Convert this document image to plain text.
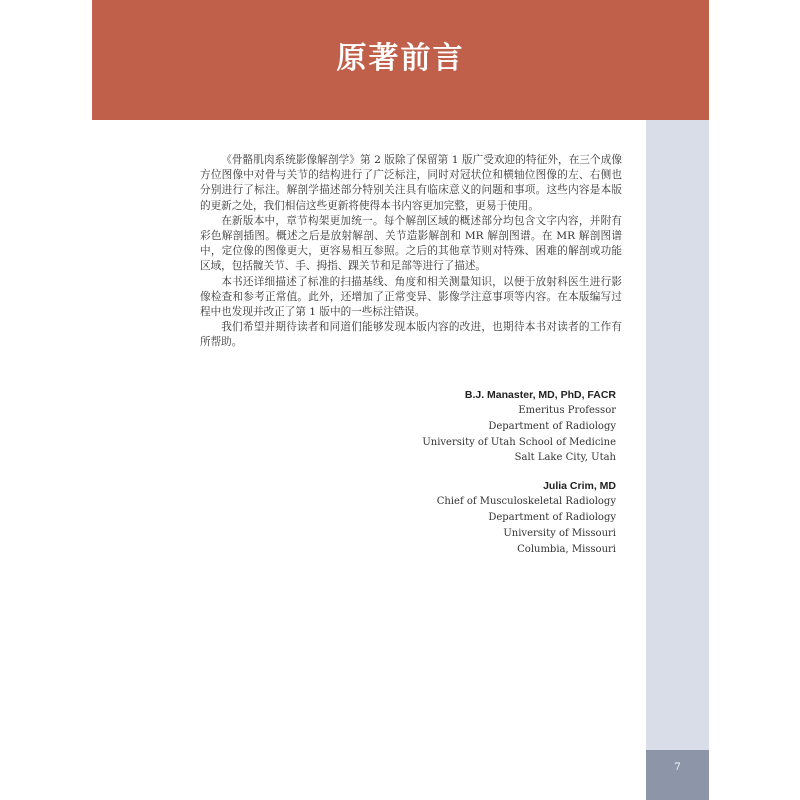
原著前言
7

《骨骼肌肉系统影像解剖学》第 2 版除了保留第 1 版广受欢迎的特征外，在三个成像方位图像中对骨与关节的结构进行了广泛标注，同时对冠状位和横轴位图像的左、右侧也分别进行了标注。解剖学描述部分特别关注具有临床意义的问题和事项。这些内容是本版的更新之处，我们相信这些更新将使得本书内容更加完整，更易于使用。

在新版本中，章节构架更加统一。每个解剖区域的概述部分均包含文字内容，并附有彩色解剖插图。概述之后是放射解剖、关节造影解剖和 MR 解剖图谱。在 MR 解剖图谱中，定位像的图像更大，更容易相互参照。之后的其他章节则对特殊、困难的解剖或功能区域，包括髋关节、手、拇指、踝关节和足部等进行了描述。

本书还详细描述了标准的扫描基线、角度和相关测量知识，以便于放射科医生进行影像检查和参考正常值。此外，还增加了正常变异、影像学注意事项等内容。在本版编写过程中也发现并改正了第 1 版中的一些标注错误。

我们希望并期待读者和同道们能够发现本版内容的改进，也期待本书对读者的工作有所帮助。

B.J. Manaster, MD, PhD, FACR
Emeritus Professor
Department of Radiology
University of Utah School of Medicine
Salt Lake City, Utah
Julia Crim, MD
Chief of Musculoskeletal Radiology
Department of Radiology
University of Missouri
Columbia, Missouri
